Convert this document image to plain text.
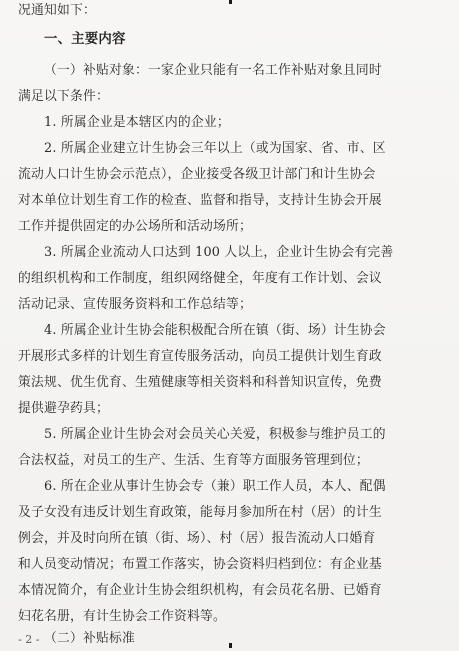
况通知如下：
一、主要内容
（一）补贴对象：一家企业只能有一名工作补贴对象且同时
满足以下条件：
1. 所属企业是本辖区内的企业；
2. 所属企业建立计生协会三年以上（或为国家、省、市、区
流动人口计生协会示范点），企业接受各级卫计部门和计生协会
对本单位计划生育工作的检查、监督和指导，支持计生协会开展
工作并提供固定的办公场所和活动场所；
3. 所属企业流动人口达到 100 人以上，企业计生协会有完善
的组织机构和工作制度，组织网络健全，年度有工作计划、会议
活动记录、宣传服务资料和工作总结等；
4. 所属企业计生协会能积极配合所在镇（街、场）计生协会
开展形式多样的计划生育宣传服务活动，向员工提供计划生育政
策法规、优生优育、生殖健康等相关资料和科普知识宣传，免费
提供避孕药具；
5. 所属企业计生协会对会员关心关爱，积极参与维护员工的
合法权益，对员工的生产、生活、生育等方面服务管理到位；
6. 所在企业从事计生协会专（兼）职工作人员，本人、配偶
及子女没有违反计划生育政策，能每月参加所在村（居）的计生
例会，并及时向所在镇（街、场）、村（居）报告流动人口婚育
和人员变动情况；布置工作落实，协会资料归档到位：有企业基
本情况简介，有企业计生协会组织机构，有会员花名册、已婚育
妇花名册，有计生协会工作资料等。
（二）补贴标准
- 2 -
